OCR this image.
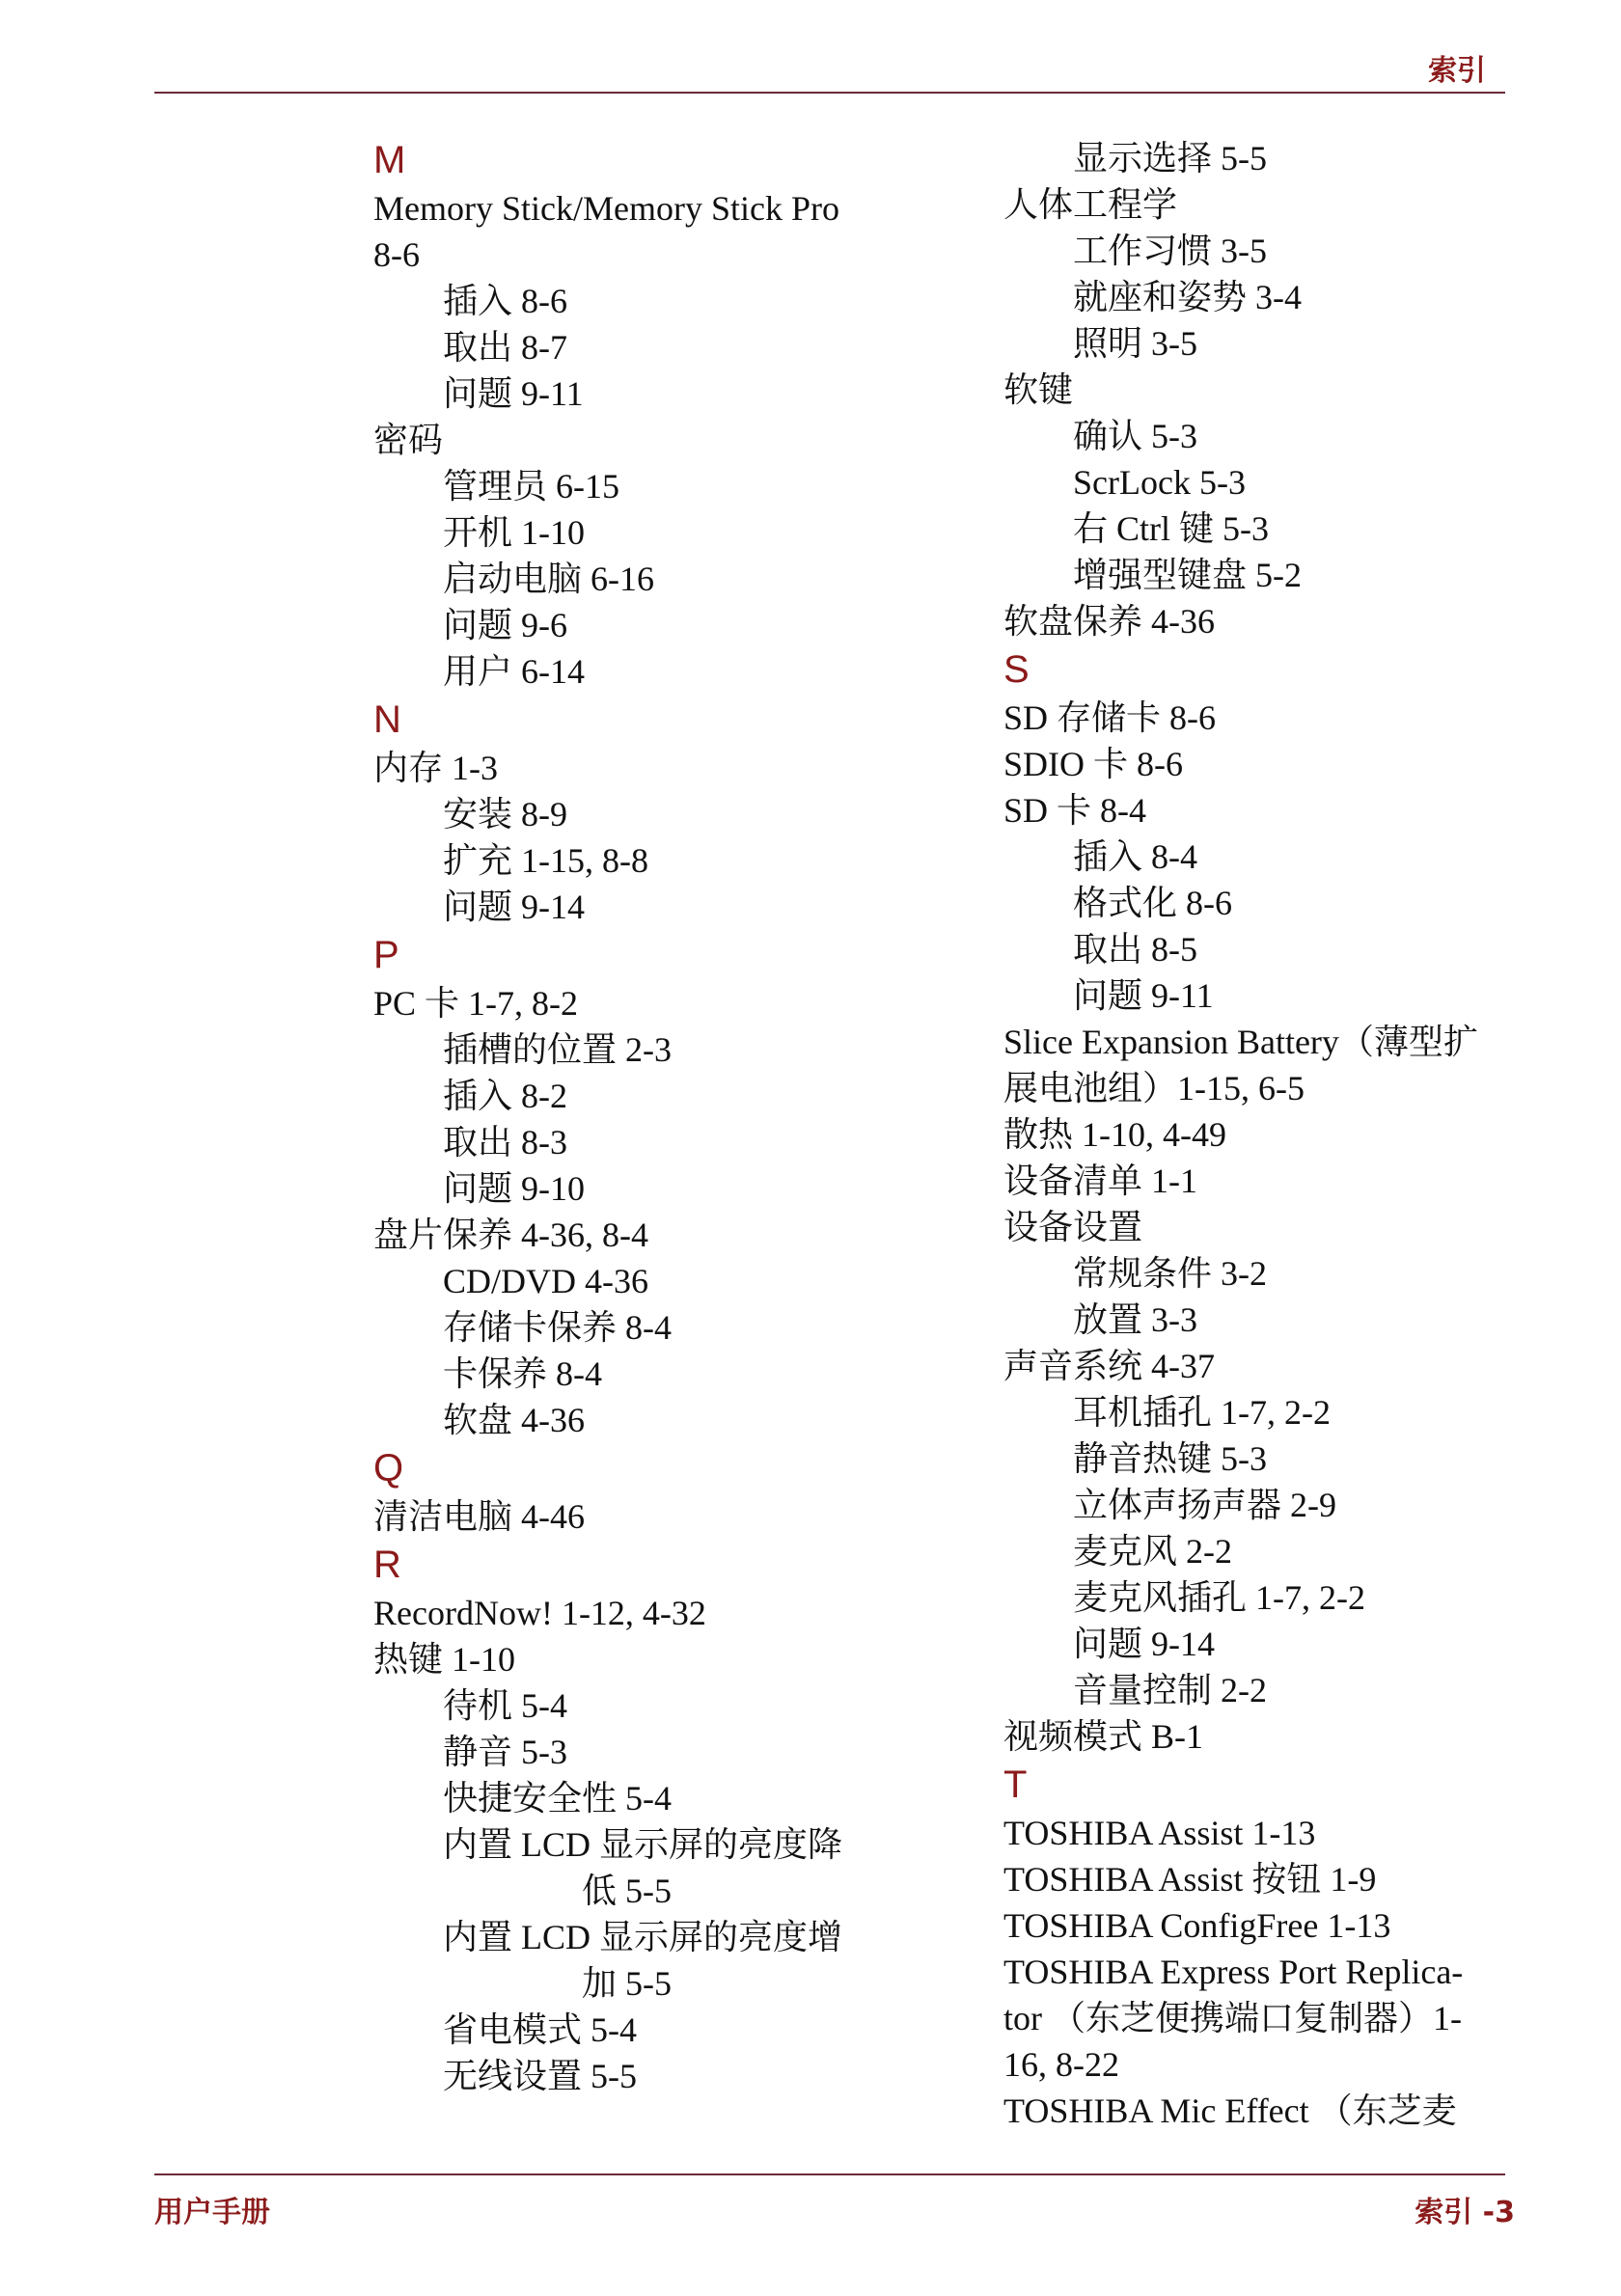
索引
M
Memory Stick/Memory Stick Pro
8-6
插入 8-6
取出 8-7
问题 9-11
密码
管理员 6-15
开机 1-10
启动电脑 6-16
问题 9-6
用户 6-14
N
内存 1-3
安装 8-9
扩充 1-15, 8-8
问题 9-14
P
PC 卡 1-7, 8-2
插槽的位置 2-3
插入 8-2
取出 8-3
问题 9-10
盘片保养 4-36, 8-4
CD/DVD 4-36
存储卡保养 8-4
卡保养 8-4
软盘 4-36
Q
清洁电脑 4-46
R
RecordNow! 1-12, 4-32
热键 1-10
待机 5-4
静音 5-3
快捷安全性 5-4
内置 LCD 显示屏的亮度降
低 5-5
内置 LCD 显示屏的亮度增
加 5-5
省电模式 5-4
无线设置 5-5
显示选择 5-5
人体工程学
工作习惯 3-5
就座和姿势 3-4
照明 3-5
软键
确认 5-3
ScrLock 5-3
右 Ctrl 键 5-3
增强型键盘 5-2
软盘保养 4-36
S
SD 存储卡 8-6
SDIO 卡 8-6
SD 卡 8-4
插入 8-4
格式化 8-6
取出 8-5
问题 9-11
Slice Expansion Battery（薄型扩
展电池组）1-15, 6-5
散热 1-10, 4-49
设备清单 1-1
设备设置
常规条件 3-2
放置 3-3
声音系统 4-37
耳机插孔 1-7, 2-2
静音热键 5-3
立体声扬声器 2-9
麦克风 2-2
麦克风插孔 1-7, 2-2
问题 9-14
音量控制 2-2
视频模式 B-1
T
TOSHIBA Assist 1-13
TOSHIBA Assist 按钮 1-9
TOSHIBA ConfigFree 1-13
TOSHIBA Express Port Replica-
tor （东芝便携端口复制器）1-
16, 8-22
TOSHIBA Mic Effect （东芝麦
用户手册	索引 -3
